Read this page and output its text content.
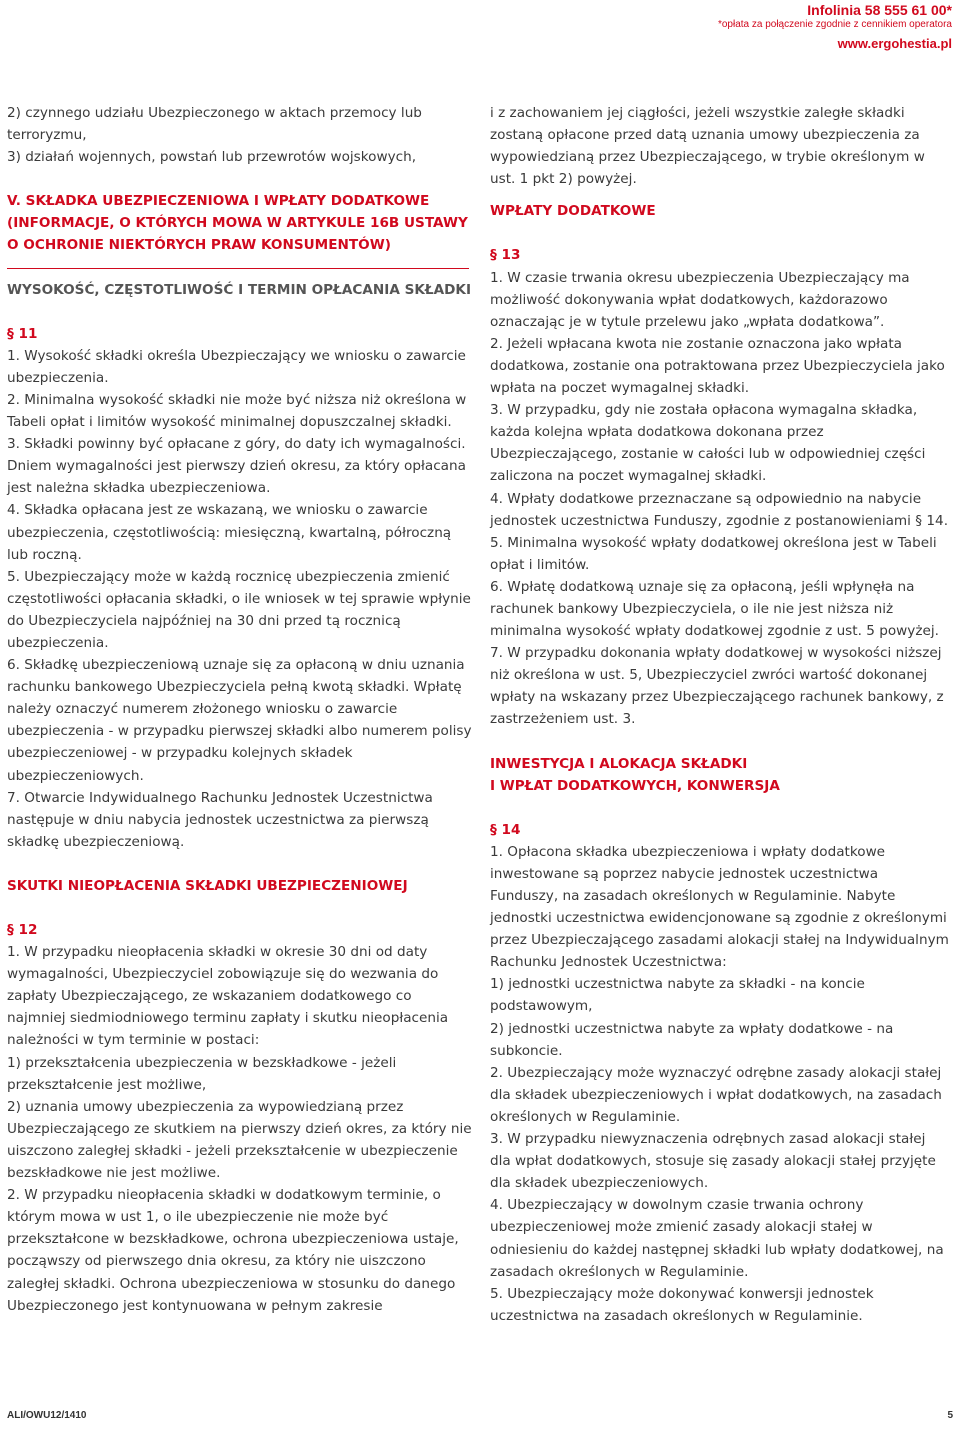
Infolinia 58 555 61 00*
*opłata za połączenie zgodnie z cennikiem operatora
www.ergohestia.pl

2) czynnego udziału Ubezpieczonego w aktach przemocy lub terroryzmu,

3) działań wojennych, powstań lub przewrotów wojskowych,

V. SKŁADKA UBEZPIECZENIOWA I WPŁATY DODATKOWE (INFORMACJE, O KTÓRYCH MOWA W ARTYKULE 16B USTAWY O OCHRONIE NIEKTÓRYCH PRAW KONSUMENTÓW)

WYSOKOŚĆ, CZĘSTOTLIWOŚĆ I TERMIN OPŁACANIA SKŁADKI

§ 11

1. Wysokość składki określa Ubezpieczający we wniosku o zawarcie ubezpieczenia.

2. Minimalna wysokość składki nie może być niższa niż określona w Tabeli opłat i limitów wysokość minimalnej dopuszczalnej składki.

3. Składki powinny być opłacane z góry, do daty ich wymagalności. Dniem wymagalności jest pierwszy dzień okresu, za który opłacana jest należna składka ubezpieczeniowa.

4. Składka opłacana jest ze wskazaną, we wniosku o zawarcie ubezpieczenia, częstotliwością: miesięczną, kwartalną, półroczną lub roczną.

5. Ubezpieczający może w każdą rocznicę ubezpieczenia zmienić częstotliwości opłacania składki, o ile wniosek w tej sprawie wpłynie do Ubezpieczyciela najpóźniej na 30 dni przed tą rocznicą ubezpieczenia.

6. Składkę ubezpieczeniową uznaje się za opłaconą w dniu uznania rachunku bankowego Ubezpieczyciela pełną kwotą składki. Wpłatę należy oznaczyć numerem złożonego wniosku o zawarcie ubezpieczenia - w przypadku pierwszej składki albo numerem polisy ubezpieczeniowej - w przypadku kolejnych składek ubezpieczeniowych.

7. Otwarcie Indywidualnego Rachunku Jednostek Uczestnictwa następuje w dniu nabycia jednostek uczestnictwa za pierwszą składkę ubezpieczeniową.

SKUTKI NIEOPŁACENIA SKŁADKI UBEZPIECZENIOWEJ

§ 12

1. W przypadku nieopłacenia składki w okresie 30 dni od daty wymagalności, Ubezpieczyciel zobowiązuje się do wezwania do zapłaty Ubezpieczającego, ze wskazaniem dodatkowego co najmniej siedmiodniowego terminu zapłaty i skutku nieopłacenia należności w tym terminie w postaci:

1) przekształcenia ubezpieczenia w bezskładkowe - jeżeli przekształcenie jest możliwe,

2) uznania umowy ubezpieczenia za wypowiedzianą przez Ubezpieczającego ze skutkiem na pierwszy dzień okres, za który nie uiszczono zaległej składki - jeżeli przekształcenie w ubezpieczenie bezskładkowe nie jest możliwe.

2. W przypadku nieopłacenia składki w dodatkowym terminie, o którym mowa w ust 1, o ile ubezpieczenie nie może być przekształcone w bezskładkowe, ochrona ubezpieczeniowa ustaje, począwszy od pierwszego dnia okresu, za który nie uiszczono zaległej składki. Ochrona ubezpieczeniowa w stosunku do danego Ubezpieczonego jest kontynuowana w pełnym zakresie

i z zachowaniem jej ciągłości, jeżeli wszystkie zaległe składki zostaną opłacone przed datą uznania umowy ubezpieczenia za wypowiedzianą przez Ubezpieczającego, w trybie określonym w ust. 1 pkt 2) powyżej.

WPŁATY DODATKOWE

§ 13

1. W czasie trwania okresu ubezpieczenia Ubezpieczający ma możliwość dokonywania wpłat dodatkowych, każdorazowo oznaczając je w tytule przelewu jako „wpłata dodatkowa”.

2. Jeżeli wpłacana kwota nie zostanie oznaczona jako wpłata dodatkowa, zostanie ona potraktowana przez Ubezpieczyciela jako wpłata na poczet wymagalnej składki.

3. W przypadku, gdy nie została opłacona wymagalna składka, każda kolejna wpłata dodatkowa dokonana przez Ubezpieczającego, zostanie w całości lub w odpowiedniej części zaliczona na poczet wymagalnej składki.

4. Wpłaty dodatkowe przeznaczane są odpowiednio na nabycie jednostek uczestnictwa Funduszy, zgodnie z postanowieniami § 14.

5. Minimalna wysokość wpłaty dodatkowej określona jest w Tabeli opłat i limitów.

6. Wpłatę dodatkową uznaje się za opłaconą, jeśli wpłynęła na rachunek bankowy Ubezpieczyciela, o ile nie jest niższa niż minimalna wysokość wpłaty dodatkowej zgodnie z ust. 5 powyżej.

7. W przypadku dokonania wpłaty dodatkowej w wysokości niższej niż określona w ust. 5, Ubezpieczyciel zwróci wartość dokonanej wpłaty na wskazany przez Ubezpieczającego rachunek bankowy, z zastrzeżeniem ust. 3.

INWESTYCJA I ALOKACJA SKŁADKI

I WPŁAT DODATKOWYCH, KONWERSJA

§ 14

1. Opłacona składka ubezpieczeniowa i wpłaty dodatkowe inwestowane są poprzez nabycie jednostek uczestnictwa Funduszy, na zasadach określonych w Regulaminie. Nabyte jednostki uczestnictwa ewidencjonowane są zgodnie z określonymi przez Ubezpieczającego zasadami alokacji stałej na Indywidualnym Rachunku Jednostek Uczestnictwa:

1) jednostki uczestnictwa nabyte za składki - na koncie podstawowym,

2) jednostki uczestnictwa nabyte za wpłaty dodatkowe - na subkoncie.

2. Ubezpieczający może wyznaczyć odrębne zasady alokacji stałej dla składek ubezpieczeniowych i wpłat dodatkowych, na zasadach określonych w Regulaminie.

3. W przypadku niewyznaczenia odrębnych zasad alokacji stałej dla wpłat dodatkowych, stosuje się zasady alokacji stałej przyjęte dla składek ubezpieczeniowych.

4. Ubezpieczający w dowolnym czasie trwania ochrony ubezpieczeniowej może zmienić zasady alokacji stałej w odniesieniu do każdej następnej składki lub wpłaty dodatkowej, na zasadach określonych w Regulaminie.

5. Ubezpieczający może dokonywać konwersji jednostek uczestnictwa na zasadach określonych w Regulaminie.

ALI/OWU12/1410	5
